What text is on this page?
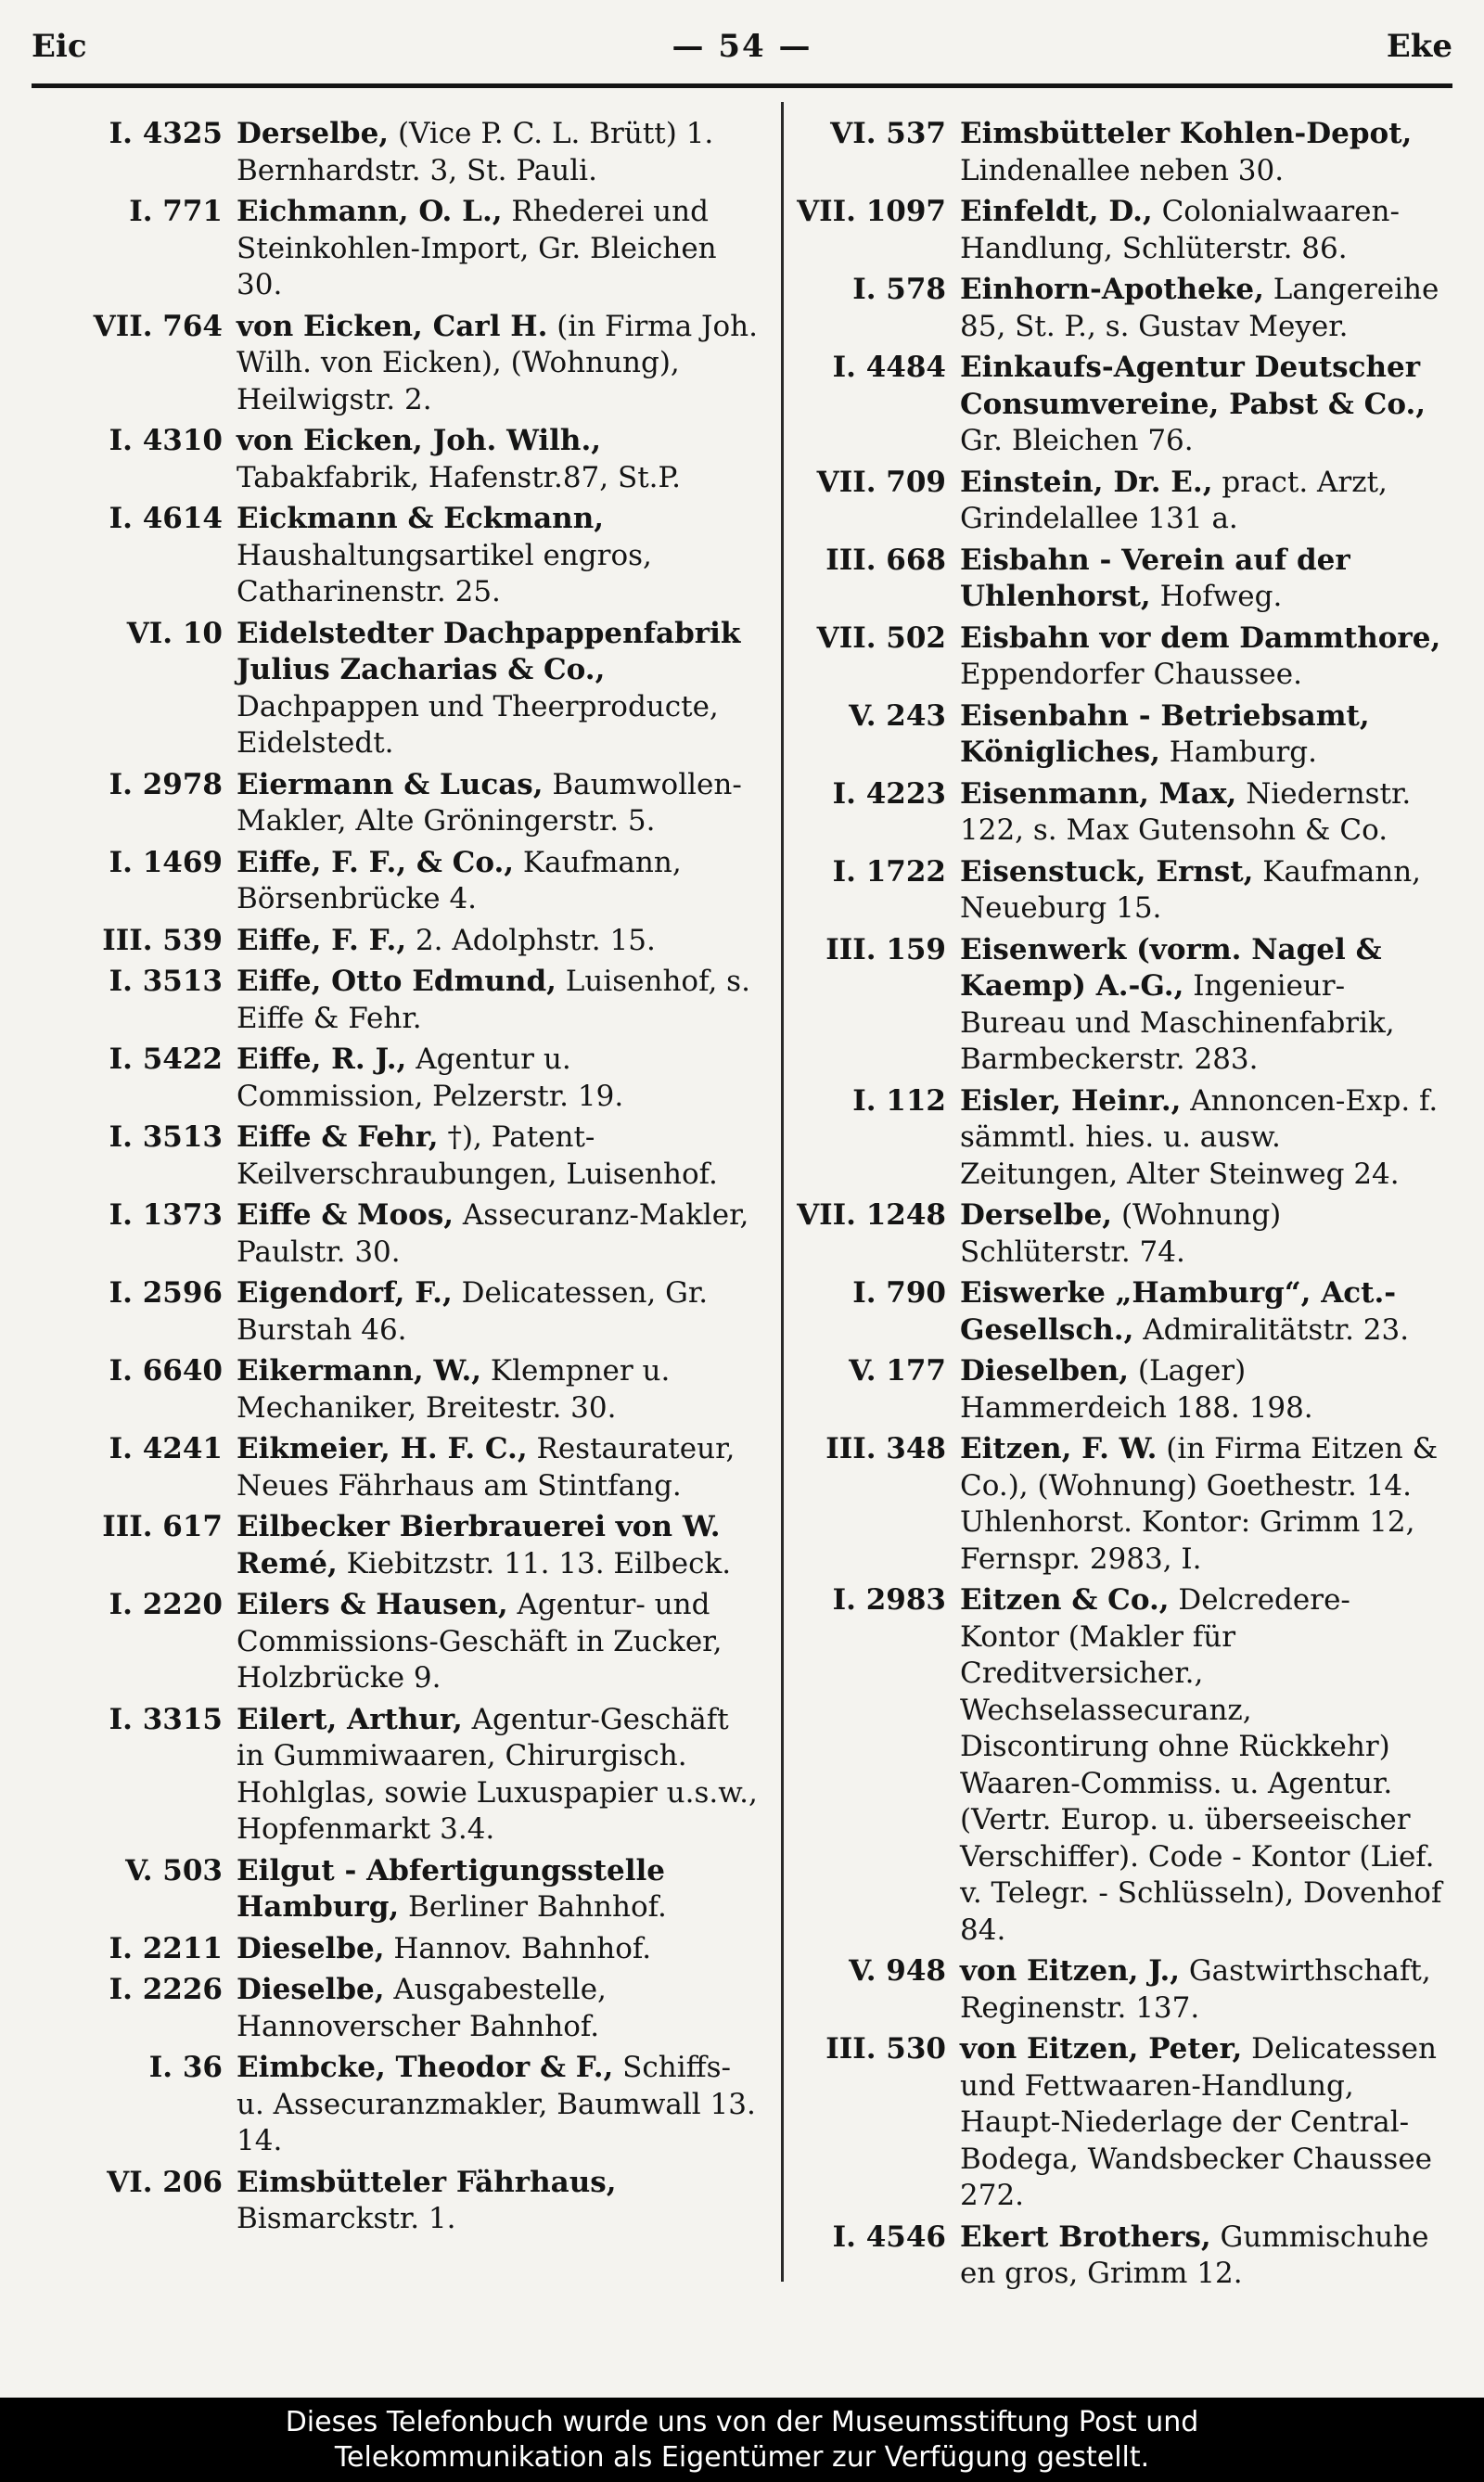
Eic	— 54 —	Eke
I. 4325 Derselbe, (Vice P. C. L. Brütt) 1. Bernhardstr. 3, St. Pauli.
I. 771 Eichmann, O. L., Rhederei und Steinkohlen-Import, Gr. Bleichen 30.
VII. 764 von Eicken, Carl H. (in Firma Joh. Wilh. von Eicken), (Wohnung), Heilwigstr. 2.
I. 4310 von Eicken, Joh. Wilh., Tabakfabrik, Hafenstr.87, St.P.
I. 4614 Eickmann & Eckmann, Haushaltungsartikel engros, Catharinenstr. 25.
VI. 10 Eidelstedter Dachpappenfabrik Julius Zacharias & Co., Dachpappen und Theerproducte, Eidelstedt.
I. 2978 Eiermann & Lucas, Baumwollen-Makler, Alte Gröningerstr. 5.
I. 1469 Eiffe, F. F., & Co., Kaufmann, Börsenbrücke 4.
III. 539 Eiffe, F. F., 2. Adolphstr. 15.
I. 3513 Eiffe, Otto Edmund, Luisenhof, s. Eiffe & Fehr.
I. 5422 Eiffe, R. J., Agentur u. Commission, Pelzerstr. 19.
I. 3513 Eiffe & Fehr, †), Patent-Keilverschraubungen, Luisenhof.
I. 1373 Eiffe & Moos, Assecuranz-Makler, Paulstr. 30.
I. 2596 Eigendorf, F., Delicatessen, Gr. Burstah 46.
I. 6640 Eikermann, W., Klempner u. Mechaniker, Breitestr. 30.
I. 4241 Eikmeier, H. F. C., Restaurateur, Neues Fährhaus am Stintfang.
III. 617 Eilbecker Bierbrauerei von W. Remé, Kiebitzstr. 11. 13. Eilbeck.
I. 2220 Eilers & Hausen, Agentur- und Commissions-Geschäft in Zucker, Holzbrücke 9.
I. 3315 Eilert, Arthur, Agentur-Geschäft in Gummiwaaren, Chirurgisch. Hohlglas, sowie Luxuspapier u.s.w., Hopfenmarkt 3.4.
V. 503 Eilgut - Abfertigungsstelle Hamburg, Berliner Bahnhof.
I. 2211 Dieselbe, Hannov. Bahnhof.
I. 2226 Dieselbe, Ausgabestelle, Hannoverscher Bahnhof.
I. 36 Eimbcke, Theodor & F., Schiffs- u. Assecuranzmakler, Baumwall 13. 14.
VI. 206 Eimsbütteler Fährhaus, Bismarckstr. 1.
VI. 537 Eimsbütteler Kohlen-Depot, Lindenallee neben 30.
VII. 1097 Einfeldt, D., Colonialwaaren-Handlung, Schlüterstr. 86.
I. 578 Einhorn-Apotheke, Langereihe 85, St. P., s. Gustav Meyer.
I. 4484 Einkaufs-Agentur Deutscher Consumvereine, Pabst & Co., Gr. Bleichen 76.
VII. 709 Einstein, Dr. E., pract. Arzt, Grindelallee 131 a.
III. 668 Eisbahn - Verein auf der Uhlenhorst, Hofweg.
VII. 502 Eisbahn vor dem Dammthore, Eppendorfer Chaussee.
V. 243 Eisenbahn - Betriebsamt, Königliches, Hamburg.
I. 4223 Eisenmann, Max, Niedernstr. 122, s. Max Gutensohn & Co.
I. 1722 Eisenstuck, Ernst, Kaufmann, Neueburg 15.
III. 159 Eisenwerk (vorm. Nagel & Kaemp) A.-G., Ingenieur-Bureau und Maschinenfabrik, Barmbeckerstr. 283.
I. 112 Eisler, Heinr., Annoncen-Exp. f. sämmtl. hies. u. ausw. Zeitungen, Alter Steinweg 24.
VII. 1248 Derselbe, (Wohnung) Schlüterstr. 74.
I. 790 Eiswerke „Hamburg“, Act.-Gesellsch., Admiralitätstr. 23.
V. 177 Dieselben, (Lager) Hammerdeich 188. 198.
III. 348 Eitzen, F. W. (in Firma Eitzen & Co.), (Wohnung) Goethestr. 14. Uhlenhorst. Kontor: Grimm 12, Fernspr. 2983, I.
I. 2983 Eitzen & Co., Delcredere-Kontor (Makler für Creditversicher., Wechselassecuranz, Discontirung ohne Rückkehr) Waaren-Commiss. u. Agentur. (Vertr. Europ. u. überseeischer Verschiffer). Code - Kontor (Lief. v. Telegr. - Schlüsseln), Dovenhof 84.
V. 948 von Eitzen, J., Gastwirthschaft, Reginenstr. 137.
III. 530 von Eitzen, Peter, Delicatessen und Fettwaaren-Handlung, Haupt-Niederlage der Central-Bodega, Wandsbecker Chaussee 272.
I. 4546 Ekert Brothers, Gummischuhe en gros, Grimm 12.
Dieses Telefonbuch wurde uns von der Museumsstiftung Post und
Telekommunikation als Eigentümer zur Verfügung gestellt.
